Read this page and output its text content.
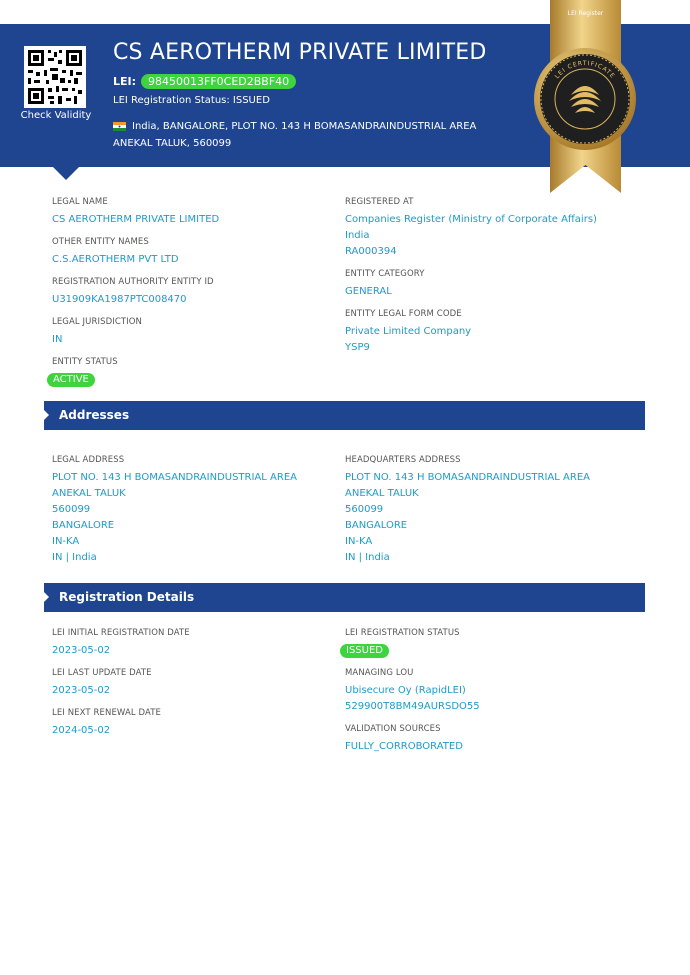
Check Validity
CS AEROTHERM PRIVATE LIMITED
LEI:	98450013FF0CED2BBF40
LEI Registration Status: ISSUED
India, BANGALORE, PLOT NO. 143 H BOMASANDRAINDUSTRIAL AREA
ANEKAL TALUK, 560099
LEI Register
LEI CERTIFICATE
LEGAL NAME
CS AEROTHERM PRIVATE LIMITED
OTHER ENTITY NAMES
C.S.AEROTHERM PVT LTD
REGISTRATION AUTHORITY ENTITY ID
U31909KA1987PTC008470
LEGAL JURISDICTION
IN
ENTITY STATUS
ACTIVE
REGISTERED AT
Companies Register (Ministry of Corporate Affairs)
India
RA000394
ENTITY CATEGORY
GENERAL
ENTITY LEGAL FORM CODE
Private Limited Company
YSP9
Addresses
LEGAL ADDRESS
PLOT NO. 143 H BOMASANDRAINDUSTRIAL AREA
ANEKAL TALUK
560099
BANGALORE
IN-KA
IN | India
HEADQUARTERS ADDRESS
PLOT NO. 143 H BOMASANDRAINDUSTRIAL AREA
ANEKAL TALUK
560099
BANGALORE
IN-KA
IN | India
Registration Details
LEI INITIAL REGISTRATION DATE
2023-05-02
LEI LAST UPDATE DATE
2023-05-02
LEI NEXT RENEWAL DATE
2024-05-02
LEI REGISTRATION STATUS
ISSUED
MANAGING LOU
Ubisecure Oy (RapidLEI)
529900T8BM49AURSDO55
VALIDATION SOURCES
FULLY_CORROBORATED
